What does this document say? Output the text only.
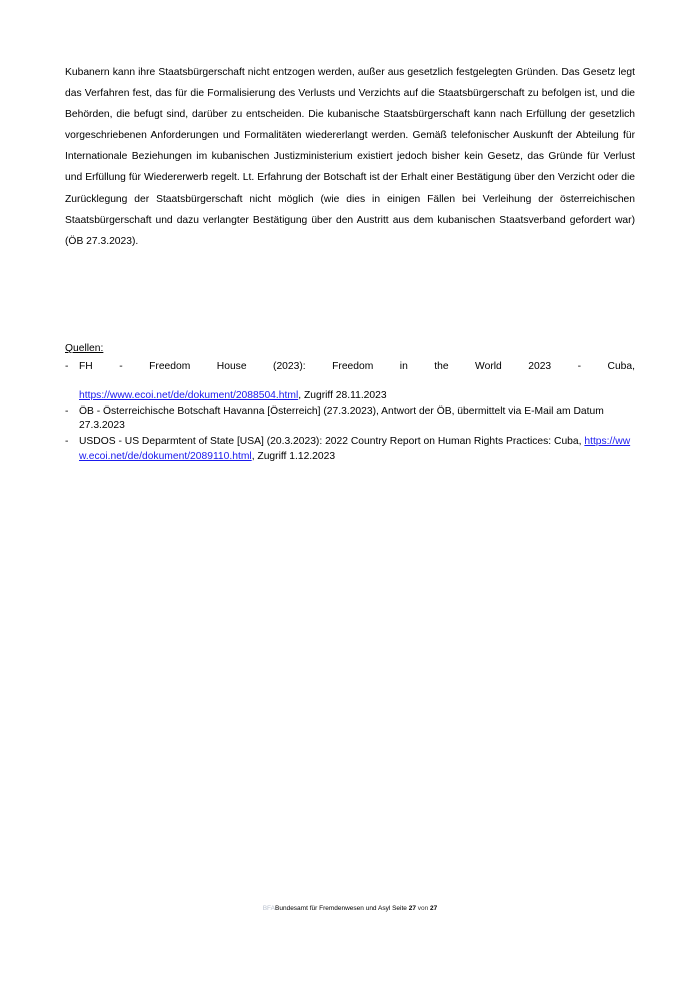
Kubanern kann ihre Staatsbürgerschaft nicht entzogen werden, außer aus gesetzlich festgelegten Gründen. Das Gesetz legt das Verfahren fest, das für die Formalisierung des Verlusts und Verzichts auf die Staatsbürgerschaft zu befolgen ist, und die Behörden, die befugt sind, darüber zu entscheiden. Die kubanische Staatsbürgerschaft kann nach Erfüllung der gesetzlich vorgeschriebenen Anforderungen und Formalitäten wiedererlangt werden. Gemäß telefonischer Auskunft der Abteilung für Internationale Beziehungen im kubanischen Justizministerium existiert jedoch bisher kein Gesetz, das Gründe für Verlust und Erfüllung für Wiedererwerb regelt. Lt. Erfahrung der Botschaft ist der Erhalt einer Bestätigung über den Verzicht oder die Zurücklegung der Staatsbürgerschaft nicht möglich (wie dies in einigen Fällen bei Verleihung der österreichischen Staatsbürgerschaft und dazu verlangter Bestätigung über den Austritt aus dem kubanischen Staatsverband gefordert war) (ÖB 27.3.2023).

Quellen:
-	FH - Freedom House (2023): Freedom in the World 2023 - Cuba,
https://www.ecoi.net/de/dokument/2088504.html, Zugriff 28.11.2023
-	ÖB - Österreichische Botschaft Havanna [Österreich] (27.3.2023), Antwort der ÖB, übermittelt via E-Mail am Datum 27.3.2023
-	USDOS - US Deparmtent of State [USA] (20.3.2023): 2022 Country Report on Human Rights Practices: Cuba, https://www.ecoi.net/de/dokument/2089110.html, Zugriff 1.12.2023
BFABundesamt für Fremdenwesen und Asyl Seite 27 von 27
